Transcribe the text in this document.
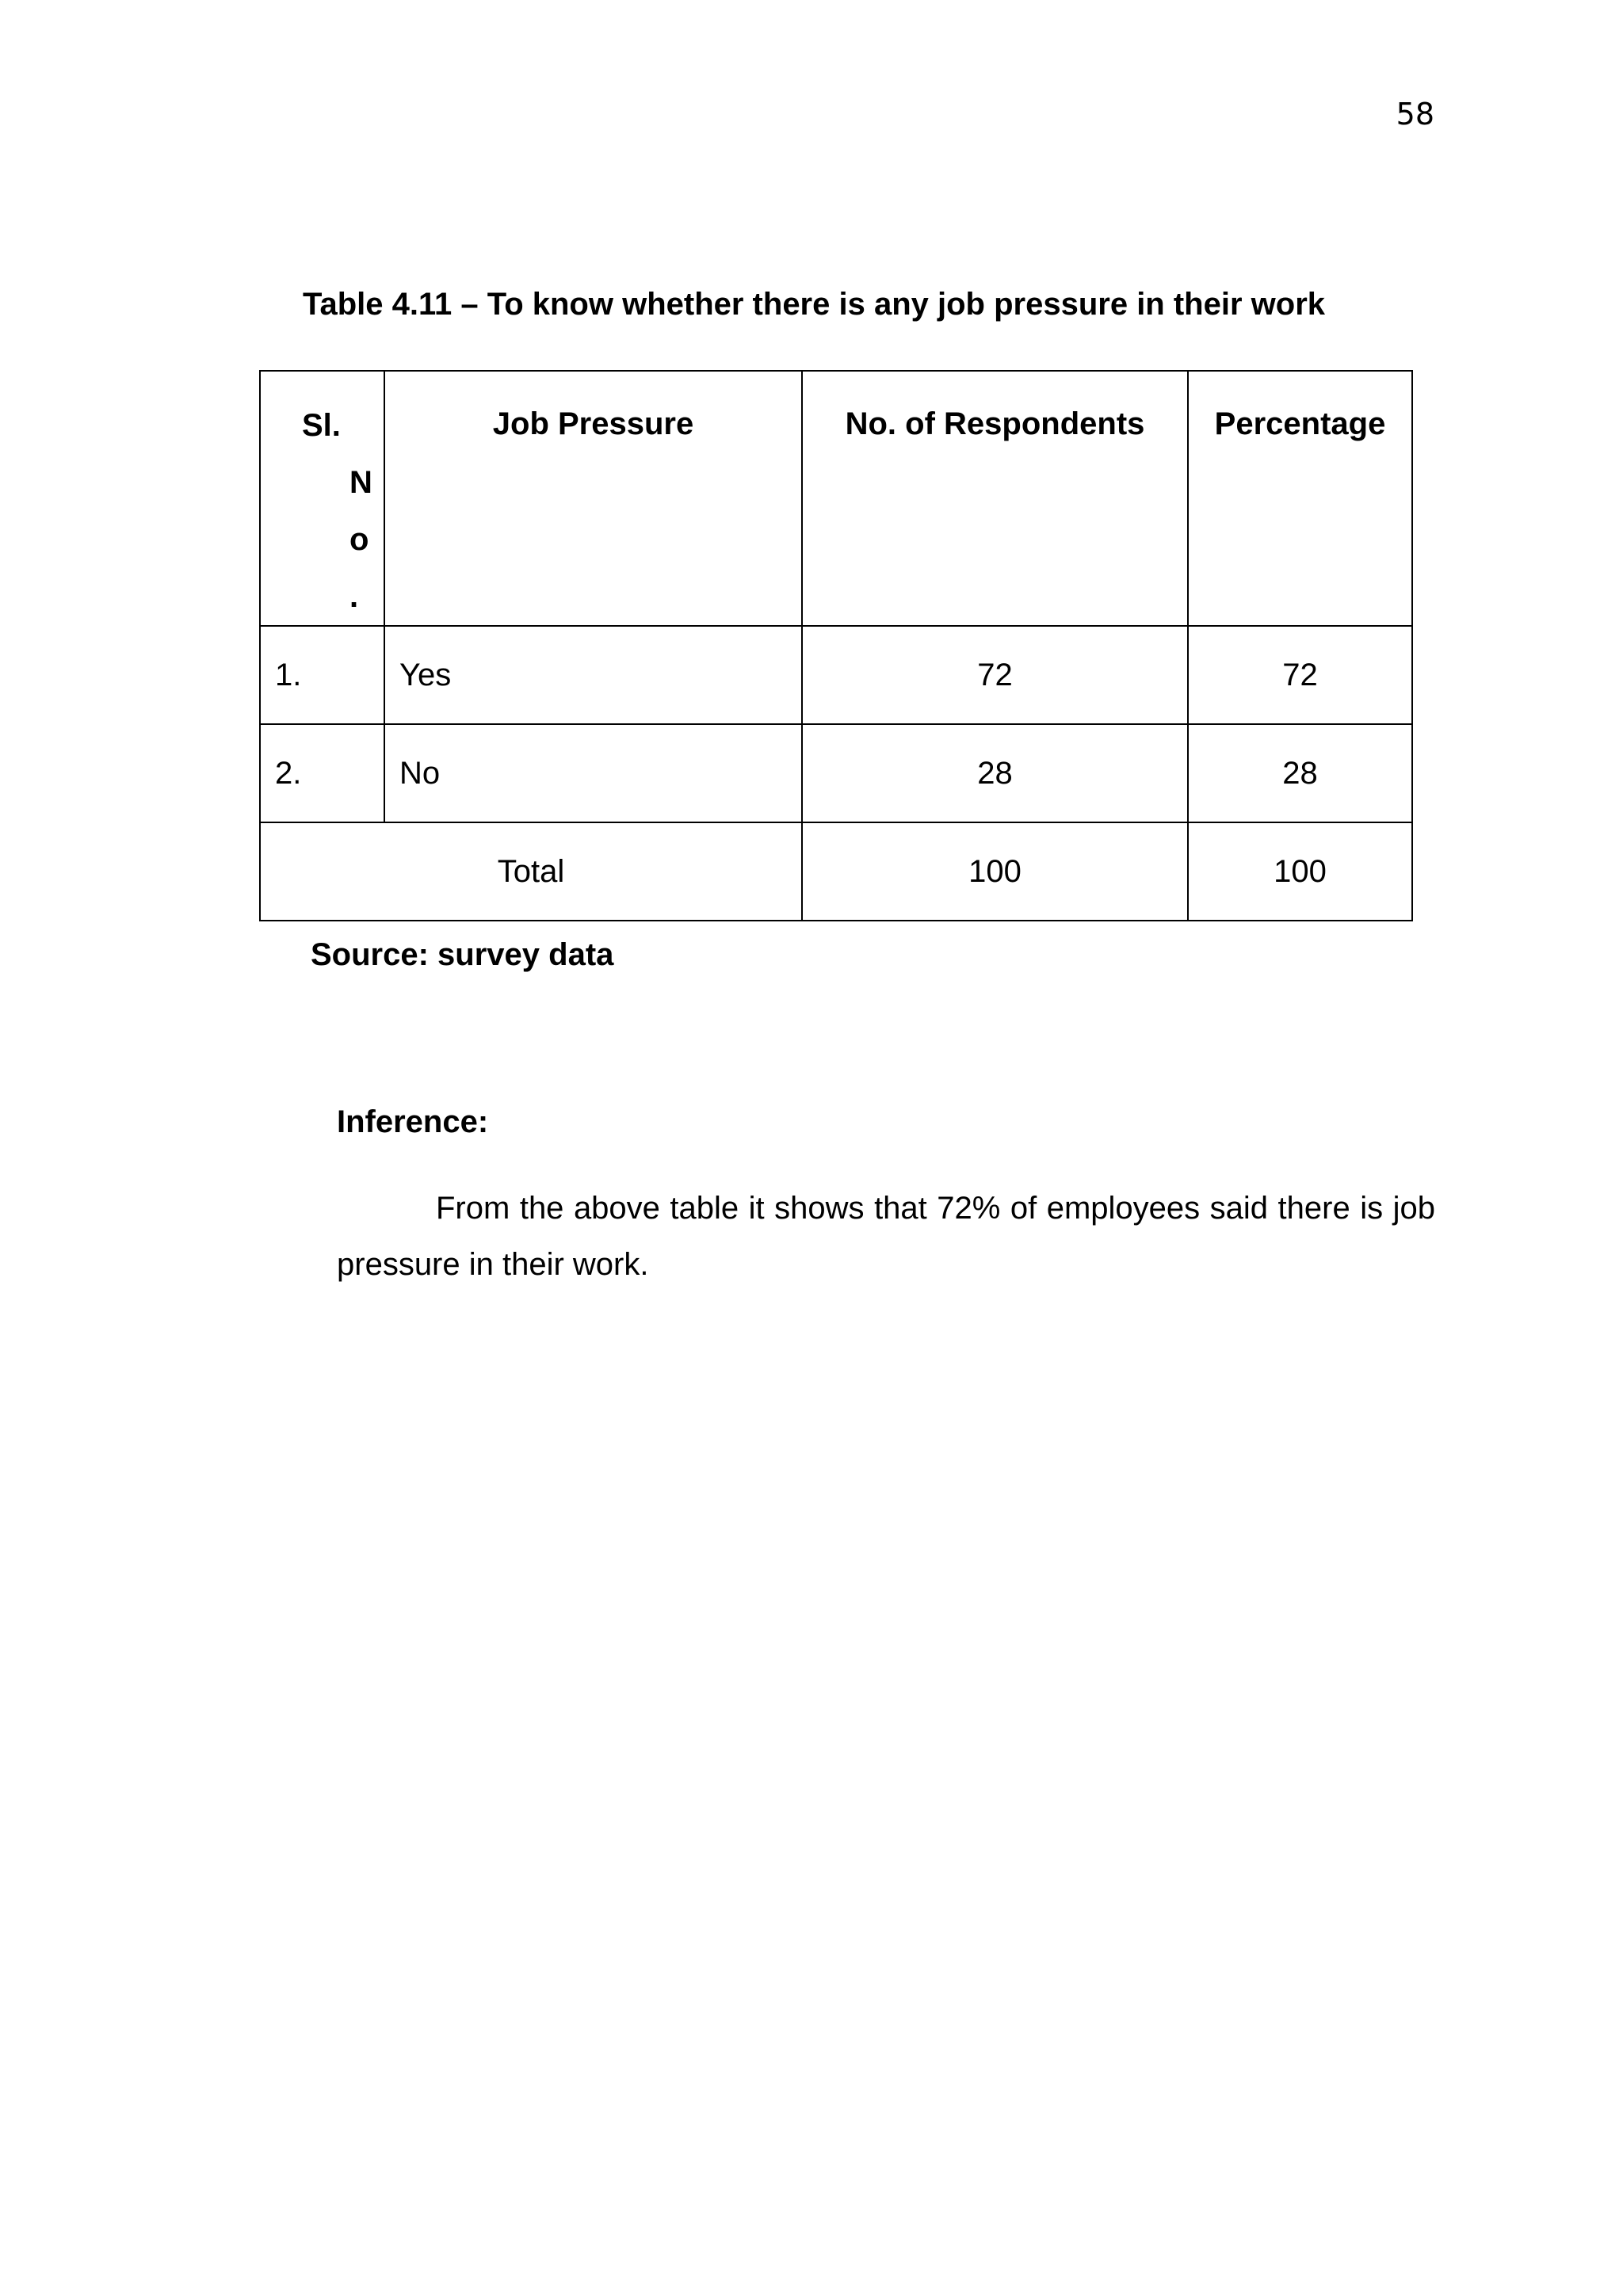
58
Table 4.11 – To know whether there is any job pressure in their work
Sl.
N
o
.	Job Pressure	No. of Respondents	Percentage
1.	Yes	72	72
2.	No	28	28
Total		100	100
Source: survey data
Inference:
From the above table it shows that 72% of employees said there is job pressure in their work.
